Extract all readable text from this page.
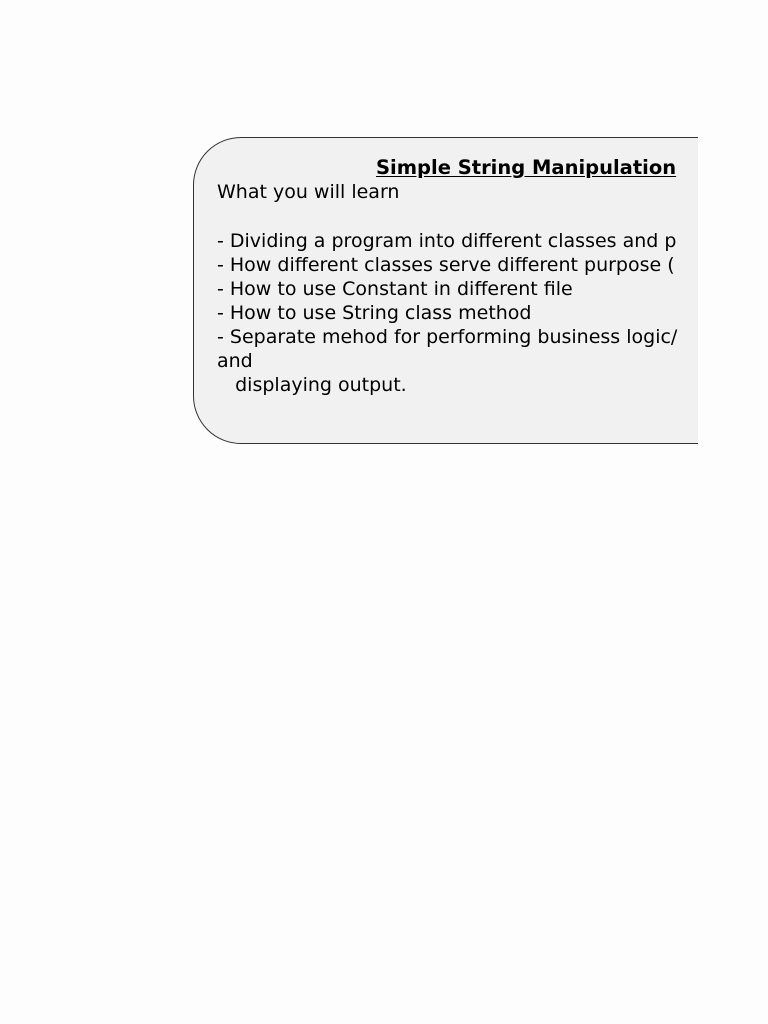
Simple String Manipulation
What you will learn
- Dividing a program into different classes and p
- How different classes serve different purpose (
- How to use Constant in different file
- How to use String class method
- Separate mehod for performing business logic/
and
displaying output.
